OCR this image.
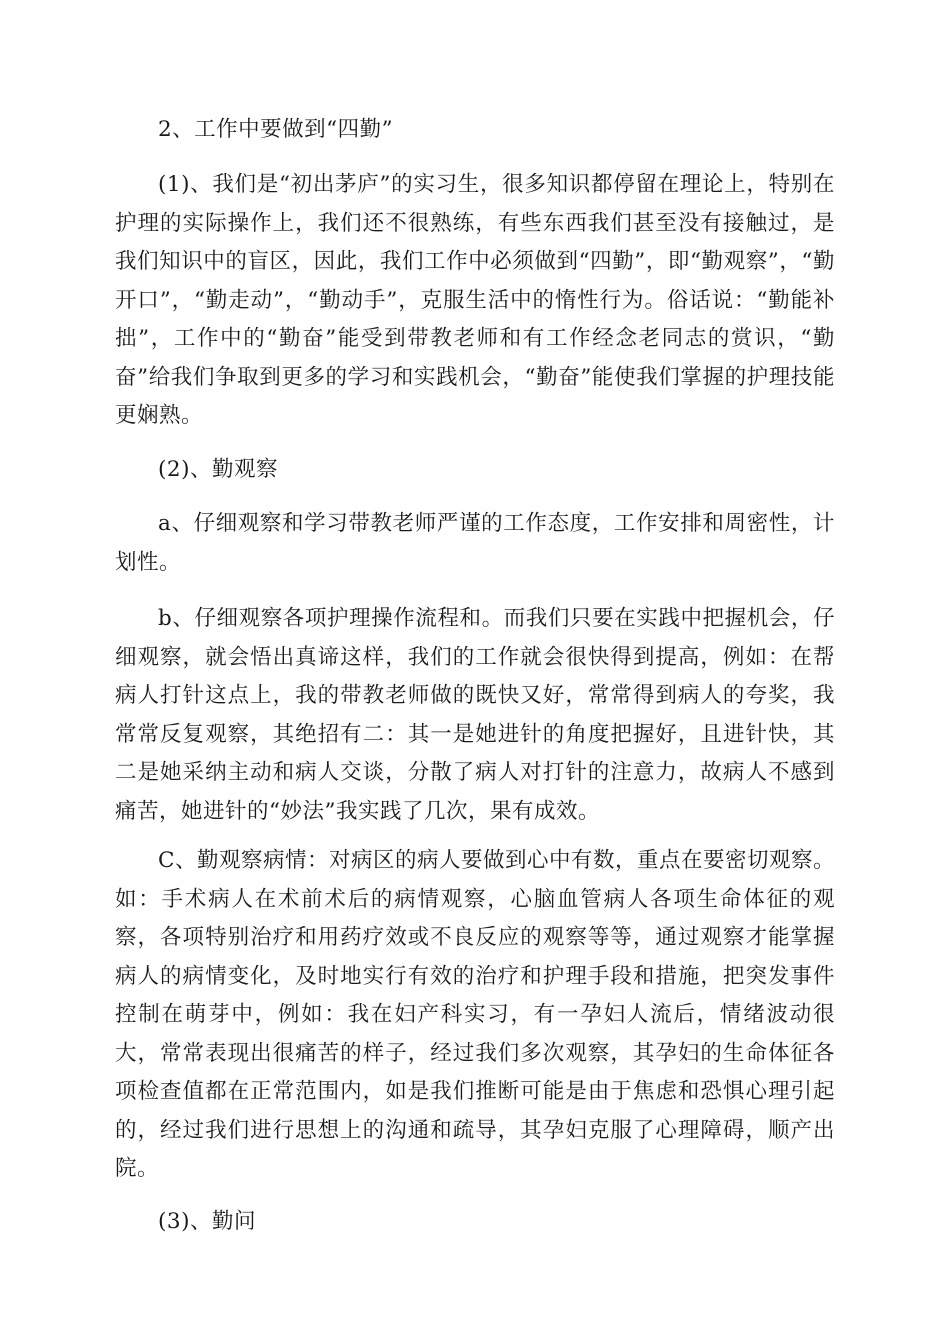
2、工作中要做到“四勤”

(1)、我们是“初出茅庐”的实习生，很多知识都停留在理论上，特别在护理的实际操作上，我们还不很熟练，有些东西我们甚至没有接触过，是我们知识中的盲区，因此，我们工作中必须做到“四勤”，即“勤观察”，“勤开口”，“勤走动”，“勤动手”，克服生活中的惰性行为。俗话说：“勤能补拙”，工作中的“勤奋”能受到带教老师和有工作经念老同志的赏识，“勤奋”给我们争取到更多的学习和实践机会，“勤奋”能使我们掌握的护理技能更娴熟。

(2)、勤观察

a、仔细观察和学习带教老师严谨的工作态度，工作安排和周密性，计划性。

b、仔细观察各项护理操作流程和。而我们只要在实践中把握机会，仔细观察，就会悟出真谛这样，我们的工作就会很快得到提高，例如：在帮病人打针这点上，我的带教老师做的既快又好，常常得到病人的夸奖，我常常反复观察，其绝招有二：其一是她进针的角度把握好，且进针快，其二是她采纳主动和病人交谈，分散了病人对打针的注意力，故病人不感到痛苦，她进针的“妙法”我实践了几次，果有成效。

C、勤观察病情：对病区的病人要做到心中有数，重点在要密切观察。如：手术病人在术前术后的病情观察，心脑血管病人各项生命体征的观察，各项特别治疗和用药疗效或不良反应的观察等等，通过观察才能掌握病人的病情变化，及时地实行有效的治疗和护理手段和措施，把突发事件控制在萌芽中，例如：我在妇产科实习，有一孕妇人流后，情绪波动很大，常常表现出很痛苦的样子，经过我们多次观察，其孕妇的生命体征各项检查值都在正常范围内，如是我们推断可能是由于焦虑和恐惧心理引起的，经过我们进行思想上的沟通和疏导，其孕妇克服了心理障碍，顺产出院。

(3)、勤问
